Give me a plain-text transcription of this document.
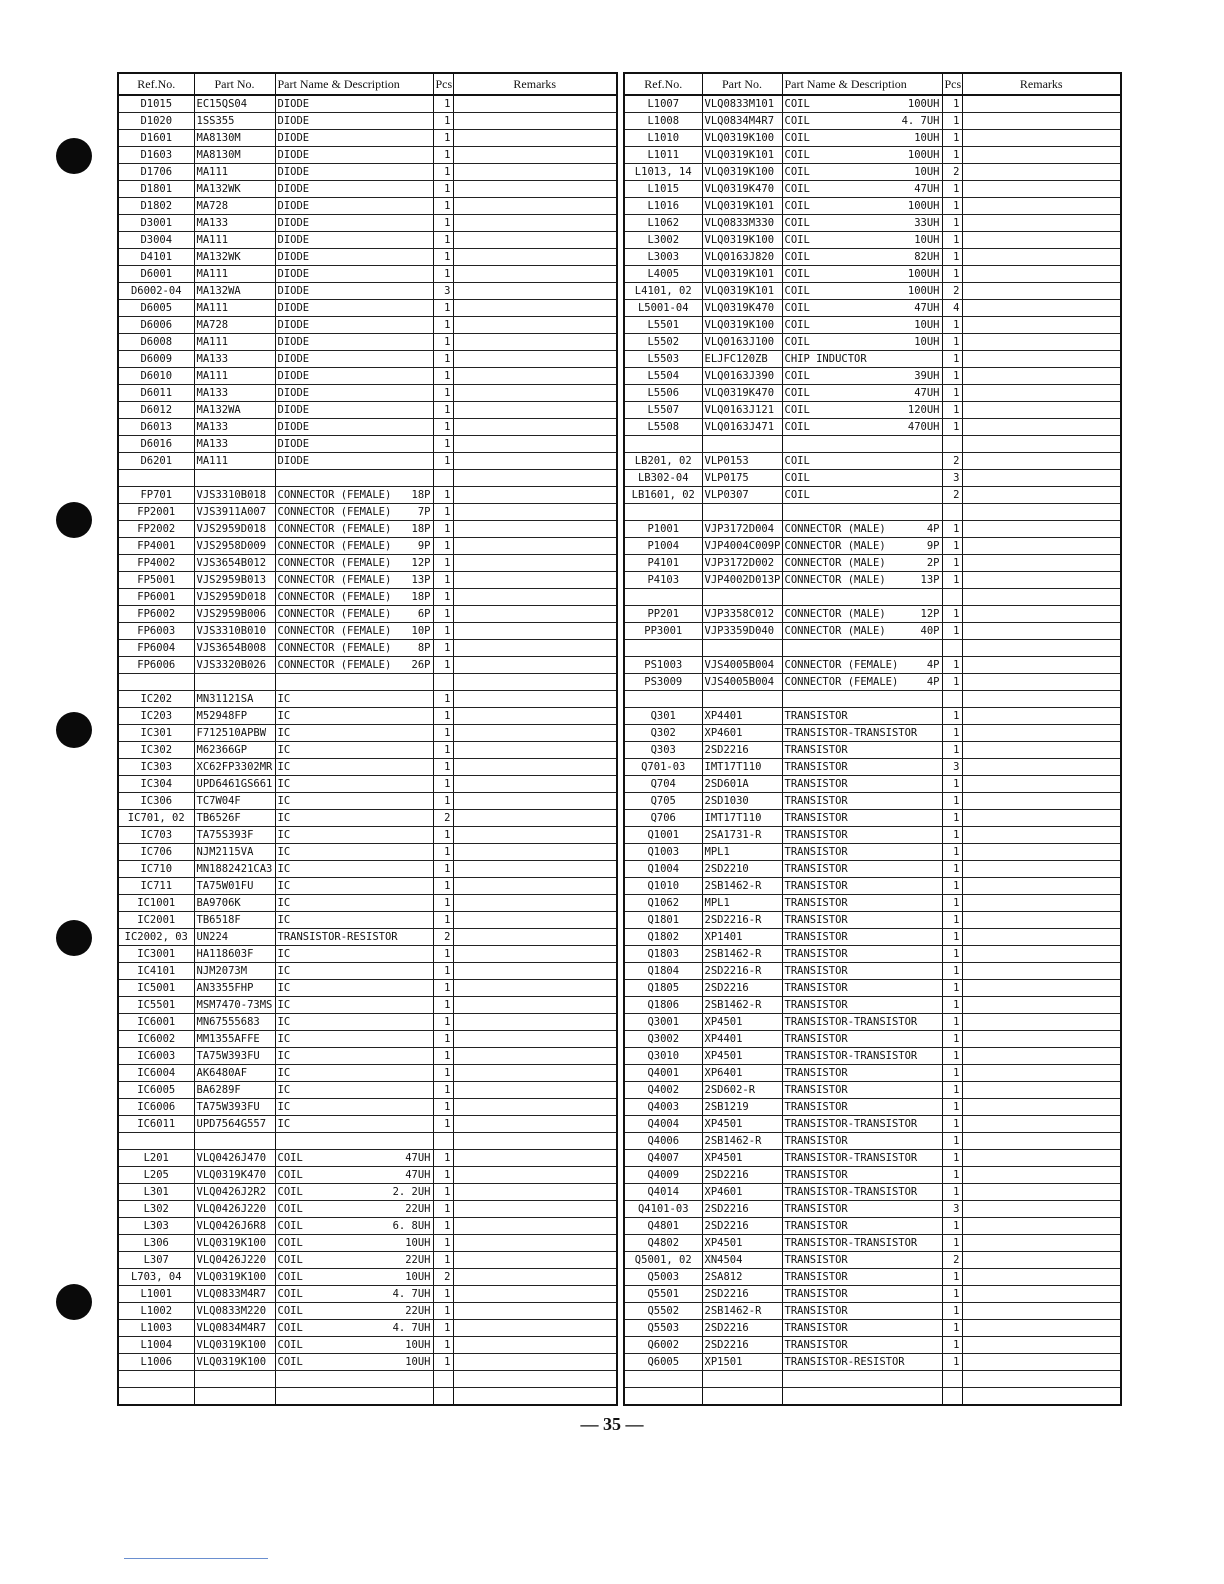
Ref.No.	Part No.	Part Name & Description	Pcs	Remarks
D1015	EC15QS04	DIODE	1	
D1020	1SS355	DIODE	1	
D1601	MA8130M	DIODE	1	
D1603	MA8130M	DIODE	1	
D1706	MA111	DIODE	1	
D1801	MA132WK	DIODE	1	
D1802	MA728	DIODE	1	
D3001	MA133	DIODE	1	
D3004	MA111	DIODE	1	
D4101	MA132WK	DIODE	1	
D6001	MA111	DIODE	1	
D6002-04	MA132WA	DIODE	3	
D6005	MA111	DIODE	1	
D6006	MA728	DIODE	1	
D6008	MA111	DIODE	1	
D6009	MA133	DIODE	1	
D6010	MA111	DIODE	1	
D6011	MA133	DIODE	1	
D6012	MA132WA	DIODE	1	
D6013	MA133	DIODE	1	
D6016	MA133	DIODE	1	
D6201	MA111	DIODE	1	

FP701	VJS3310B018	CONNECTOR (FEMALE) 18P	1	
FP2001	VJS3911A007	CONNECTOR (FEMALE) 7P	1	
FP2002	VJS2959D018	CONNECTOR (FEMALE) 18P	1	
FP4001	VJS2958D009	CONNECTOR (FEMALE) 9P	1	
FP4002	VJS3654B012	CONNECTOR (FEMALE) 12P	1	
FP5001	VJS2959B013	CONNECTOR (FEMALE) 13P	1	
FP6001	VJS2959D018	CONNECTOR (FEMALE) 18P	1	
FP6002	VJS2959B006	CONNECTOR (FEMALE) 6P	1	
FP6003	VJS3310B010	CONNECTOR (FEMALE) 10P	1	
FP6004	VJS3654B008	CONNECTOR (FEMALE) 8P	1	
FP6006	VJS3320B026	CONNECTOR (FEMALE) 26P	1	

IC202	MN31121SA	IC	1	
IC203	M52948FP	IC	1	
IC301	F712510APBW	IC	1	
IC302	M62366GP	IC	1	
IC303	XC62FP3302MR	IC	1	
IC304	UPD6461GS661	IC	1	
IC306	TC7W04F	IC	1	
IC701, 02	TB6526F	IC	2	
IC703	TA75S393F	IC	1	
IC706	NJM2115VA	IC	1	
IC710	MN1882421CA3	IC	1	
IC711	TA75W01FU	IC	1	
IC1001	BA9706K	IC	1	
IC2001	TB6518F	IC	1	
IC2002, 03	UN224	TRANSISTOR-RESISTOR	2	
IC3001	HA118603F	IC	1	
IC4101	NJM2073M	IC	1	
IC5001	AN3355FHP	IC	1	
IC5501	MSM7470-73MS	IC	1	
IC6001	MN67555683	IC	1	
IC6002	MM1355AFFE	IC	1	
IC6003	TA75W393FU	IC	1	
IC6004	AK6480AF	IC	1	
IC6005	BA6289F	IC	1	
IC6006	TA75W393FU	IC	1	
IC6011	UPD7564G557	IC	1	

L201	VLQ0426J470	COIL 47UH	1	
L205	VLQ0319K470	COIL 47UH	1	
L301	VLQ0426J2R2	COIL 2. 2UH	1	
L302	VLQ0426J220	COIL 22UH	1	
L303	VLQ0426J6R8	COIL 6. 8UH	1	
L306	VLQ0319K100	COIL 10UH	1	
L307	VLQ0426J220	COIL 22UH	1	
L703, 04	VLQ0319K100	COIL 10UH	2	
L1001	VLQ0833M4R7	COIL 4. 7UH	1	
L1002	VLQ0833M220	COIL 22UH	1	
L1003	VLQ0834M4R7	COIL 4. 7UH	1	
L1004	VLQ0319K100	COIL 10UH	1	
L1006	VLQ0319K100	COIL 10UH	1	

Ref.No.	Part No.	Part Name & Description	Pcs	Remarks
L1007	VLQ0833M101	COIL 100UH	1	
L1008	VLQ0834M4R7	COIL 4. 7UH	1	
L1010	VLQ0319K100	COIL 10UH	1	
L1011	VLQ0319K101	COIL 100UH	1	
L1013, 14	VLQ0319K100	COIL 10UH	2	
L1015	VLQ0319K470	COIL 47UH	1	
L1016	VLQ0319K101	COIL 100UH	1	
L1062	VLQ0833M330	COIL 33UH	1	
L3002	VLQ0319K100	COIL 10UH	1	
L3003	VLQ0163J820	COIL 82UH	1	
L4005	VLQ0319K101	COIL 100UH	1	
L4101, 02	VLQ0319K101	COIL 100UH	2	
L5001-04	VLQ0319K470	COIL 47UH	4	
L5501	VLQ0319K100	COIL 10UH	1	
L5502	VLQ0163J100	COIL 10UH	1	
L5503	ELJFC120ZB	CHIP INDUCTOR	1	
L5504	VLQ0163J390	COIL 39UH	1	
L5506	VLQ0319K470	COIL 47UH	1	
L5507	VLQ0163J121	COIL 120UH	1	
L5508	VLQ0163J471	COIL 470UH	1	

LB201, 02	VLP0153	COIL	2	
LB302-04	VLP0175	COIL	3	
LB1601, 02	VLP0307	COIL	2	

P1001	VJP3172D004	CONNECTOR (MALE) 4P	1	
P1004	VJP4004C009P	CONNECTOR (MALE) 9P	1	
P4101	VJP3172D002	CONNECTOR (MALE) 2P	1	
P4103	VJP4002D013P	CONNECTOR (MALE) 13P	1	

PP201	VJP3358C012	CONNECTOR (MALE) 12P	1	
PP3001	VJP3359D040	CONNECTOR (MALE) 40P	1	

PS1003	VJS4005B004	CONNECTOR (FEMALE) 4P	1	
PS3009	VJS4005B004	CONNECTOR (FEMALE) 4P	1	

Q301	XP4401	TRANSISTOR	1	
Q302	XP4601	TRANSISTOR-TRANSISTOR	1	
Q303	2SD2216	TRANSISTOR	1	
Q701-03	IMT17T110	TRANSISTOR	3	
Q704	2SD601A	TRANSISTOR	1	
Q705	2SD1030	TRANSISTOR	1	
Q706	IMT17T110	TRANSISTOR	1	
Q1001	2SA1731-R	TRANSISTOR	1	
Q1003	MPL1	TRANSISTOR	1	
Q1004	2SD2210	TRANSISTOR	1	
Q1010	2SB1462-R	TRANSISTOR	1	
Q1062	MPL1	TRANSISTOR	1	
Q1801	2SD2216-R	TRANSISTOR	1	
Q1802	XP1401	TRANSISTOR	1	
Q1803	2SB1462-R	TRANSISTOR	1	
Q1804	2SD2216-R	TRANSISTOR	1	
Q1805	2SD2216	TRANSISTOR	1	
Q1806	2SB1462-R	TRANSISTOR	1	
Q3001	XP4501	TRANSISTOR-TRANSISTOR	1	
Q3002	XP4401	TRANSISTOR	1	
Q3010	XP4501	TRANSISTOR-TRANSISTOR	1	
Q4001	XP6401	TRANSISTOR	1	
Q4002	2SD602-R	TRANSISTOR	1	
Q4003	2SB1219	TRANSISTOR	1	
Q4004	XP4501	TRANSISTOR-TRANSISTOR	1	
Q4006	2SB1462-R	TRANSISTOR	1	
Q4007	XP4501	TRANSISTOR-TRANSISTOR	1	
Q4009	2SD2216	TRANSISTOR	1	
Q4014	XP4601	TRANSISTOR-TRANSISTOR	1	
Q4101-03	2SD2216	TRANSISTOR	3	
Q4801	2SD2216	TRANSISTOR	1	
Q4802	XP4501	TRANSISTOR-TRANSISTOR	1	
Q5001, 02	XN4504	TRANSISTOR	2	
Q5003	2SA812	TRANSISTOR	1	
Q5501	2SD2216	TRANSISTOR	1	
Q5502	2SB1462-R	TRANSISTOR	1	
Q5503	2SD2216	TRANSISTOR	1	
Q6002	2SD2216	TRANSISTOR	1	
Q6005	XP1501	TRANSISTOR-RESISTOR	1	

— 35 —
